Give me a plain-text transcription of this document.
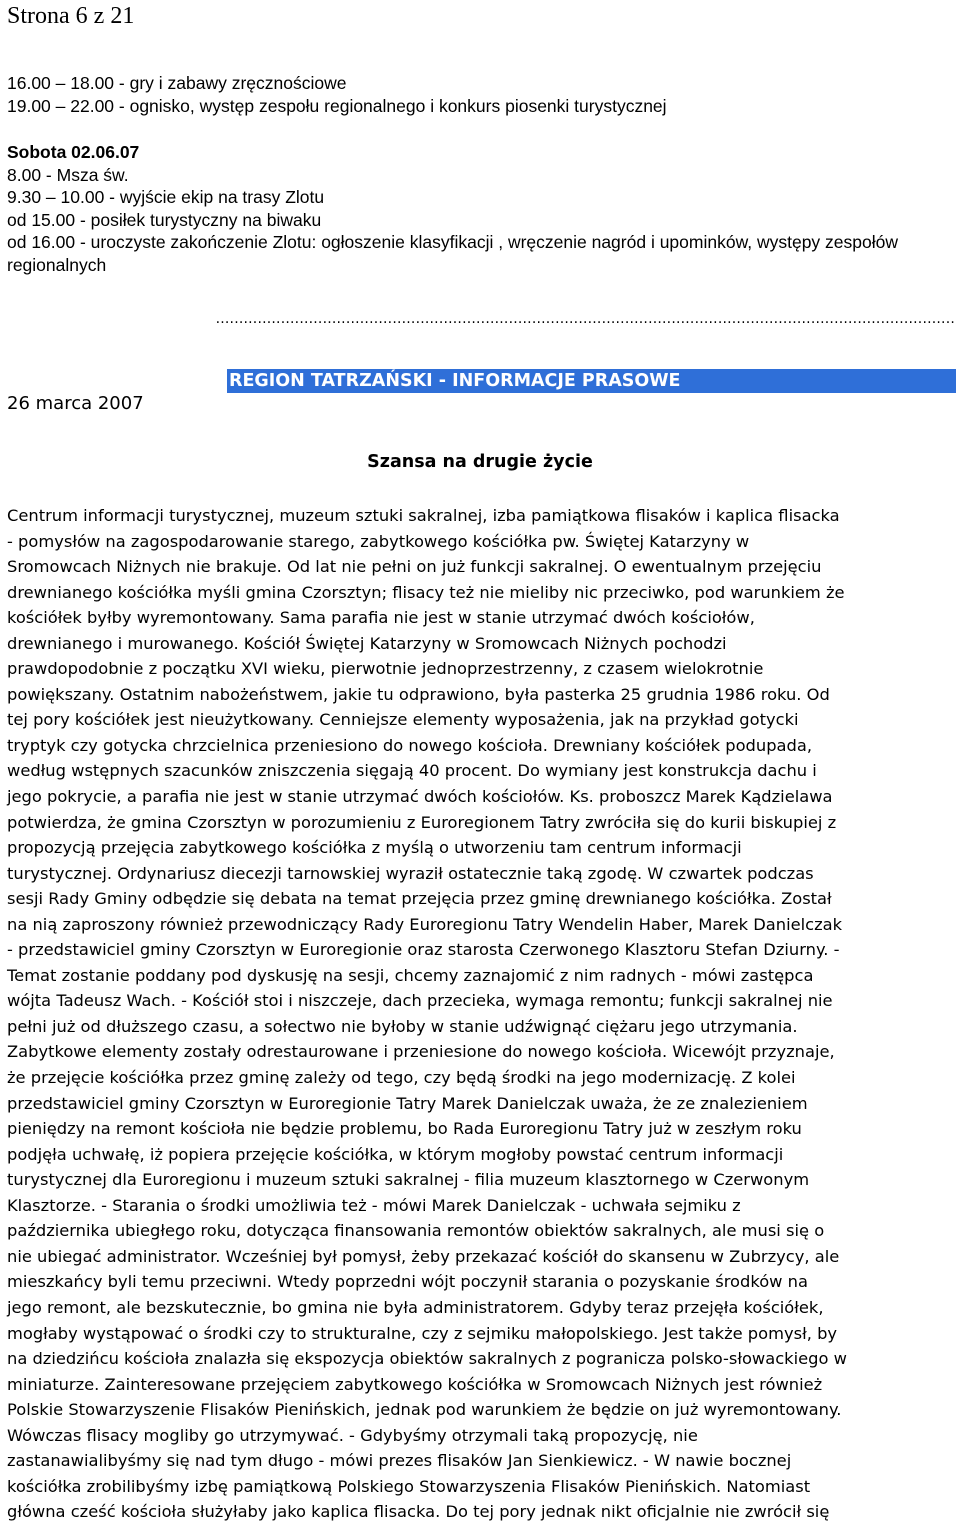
Strona 6 z 21
16.00 – 18.00 - gry i zabawy zręcznościowe
19.00 – 22.00 - ognisko, występ zespołu regionalnego i konkurs piosenki turystycznej
Sobota 02.06.07
8.00 - Msza św.
9.30 – 10.00 - wyjście ekip na trasy Zlotu
od 15.00 - posiłek turystyczny na biwaku
od 16.00 - uroczyste zakończenie Zlotu: ogłoszenie klasyfikacji , wręczenie nagród i upominków, występy zespołów regionalnych
...............................................................................................................................................................
REGION TATRZAŃSKI - INFORMACJE PRASOWE
26 marca 2007
Szansa na drugie życie
Centrum informacji turystycznej, muzeum sztuki sakralnej, izba pamiątkowa flisaków i kaplica flisacka
- pomysłów na zagospodarowanie starego, zabytkowego kościółka pw. Świętej Katarzyny w
Sromowcach Niżnych nie brakuje. Od lat nie pełni on już funkcji sakralnej. O ewentualnym przejęciu
drewnianego kościółka myśli gmina Czorsztyn; flisacy też nie mieliby nic przeciwko, pod warunkiem że
kościółek byłby wyremontowany. Sama parafia nie jest w stanie utrzymać dwóch kościołów,
drewnianego i murowanego. Kościół Świętej Katarzyny w Sromowcach Niżnych pochodzi
prawdopodobnie z początku XVI wieku, pierwotnie jednoprzestrzenny, z czasem wielokrotnie
powiększany. Ostatnim nabożeństwem, jakie tu odprawiono, była pasterka 25 grudnia 1986 roku. Od
tej pory kościółek jest nieużytkowany. Cenniejsze elementy wyposażenia, jak na przykład gotycki
tryptyk czy gotycka chrzcielnica przeniesiono do nowego kościoła. Drewniany kościółek podupada,
według wstępnych szacunków zniszczenia sięgają 40 procent. Do wymiany jest konstrukcja dachu i
jego pokrycie, a parafia nie jest w stanie utrzymać dwóch kościołów. Ks. proboszcz Marek Kądzielawa
potwierdza, że gmina Czorsztyn w porozumieniu z Euroregionem Tatry zwróciła się do kurii biskupiej z
propozycją przejęcia zabytkowego kościółka z myślą o utworzeniu tam centrum informacji
turystycznej. Ordynariusz diecezji tarnowskiej wyraził ostatecznie taką zgodę. W czwartek podczas
sesji Rady Gminy odbędzie się debata na temat przejęcia przez gminę drewnianego kościółka. Został
na nią zaproszony również przewodniczący Rady Euroregionu Tatry Wendelin Haber, Marek Danielczak
- przedstawiciel gminy Czorsztyn w Euroregionie oraz starosta Czerwonego Klasztoru Stefan Dziurny. -
Temat zostanie poddany pod dyskusję na sesji, chcemy zaznajomić z nim radnych - mówi zastępca
wójta Tadeusz Wach. - Kościół stoi i niszczeje, dach przecieka, wymaga remontu; funkcji sakralnej nie
pełni już od dłuższego czasu, a sołectwo nie byłoby w stanie udźwignąć ciężaru jego utrzymania.
Zabytkowe elementy zostały odrestaurowane i przeniesione do nowego kościoła. Wicewójt przyznaje,
że przejęcie kościółka przez gminę zależy od tego, czy będą środki na jego modernizację. Z kolei
przedstawiciel gminy Czorsztyn w Euroregionie Tatry Marek Danielczak uważa, że ze znalezieniem
pieniędzy na remont kościoła nie będzie problemu, bo Rada Euroregionu Tatry już w zeszłym roku
podjęła uchwałę, iż popiera przejęcie kościółka, w którym mogłoby powstać centrum informacji
turystycznej dla Euroregionu i muzeum sztuki sakralnej - filia muzeum klasztornego w Czerwonym
Klasztorze. - Starania o środki umożliwia też - mówi Marek Danielczak - uchwała sejmiku z
października ubiegłego roku, dotycząca finansowania remontów obiektów sakralnych, ale musi się o
nie ubiegać administrator. Wcześniej był pomysł, żeby przekazać kościół do skansenu w Zubrzycy, ale
mieszkańcy byli temu przeciwni. Wtedy poprzedni wójt poczynił starania o pozyskanie środków na
jego remont, ale bezskutecznie, bo gmina nie była administratorem. Gdyby teraz przejęła kościółek,
mogłaby wystąpować o środki czy to strukturalne, czy z sejmiku małopolskiego. Jest także pomysł, by
na dziedzińcu kościoła znalazła się ekspozycja obiektów sakralnych z pogranicza polsko-słowackiego w
miniaturze. Zainteresowane przejęciem zabytkowego kościółka w Sromowcach Niżnych jest również
Polskie Stowarzyszenie Flisaków Pienińskich, jednak pod warunkiem że będzie on już wyremontowany.
Wówczas flisacy mogliby go utrzymywać. - Gdybyśmy otrzymali taką propozycję, nie
zastanawialibyśmy się nad tym długo - mówi prezes flisaków Jan Sienkiewicz. - W nawie bocznej
kościółka zrobilibyśmy izbę pamiątkową Polskiego Stowarzyszenia Flisaków Pienińskich. Natomiast
główna cześć kościoła służyłaby jako kaplica flisacka. Do tej pory jednak nikt oficjalnie nie zwrócił się
